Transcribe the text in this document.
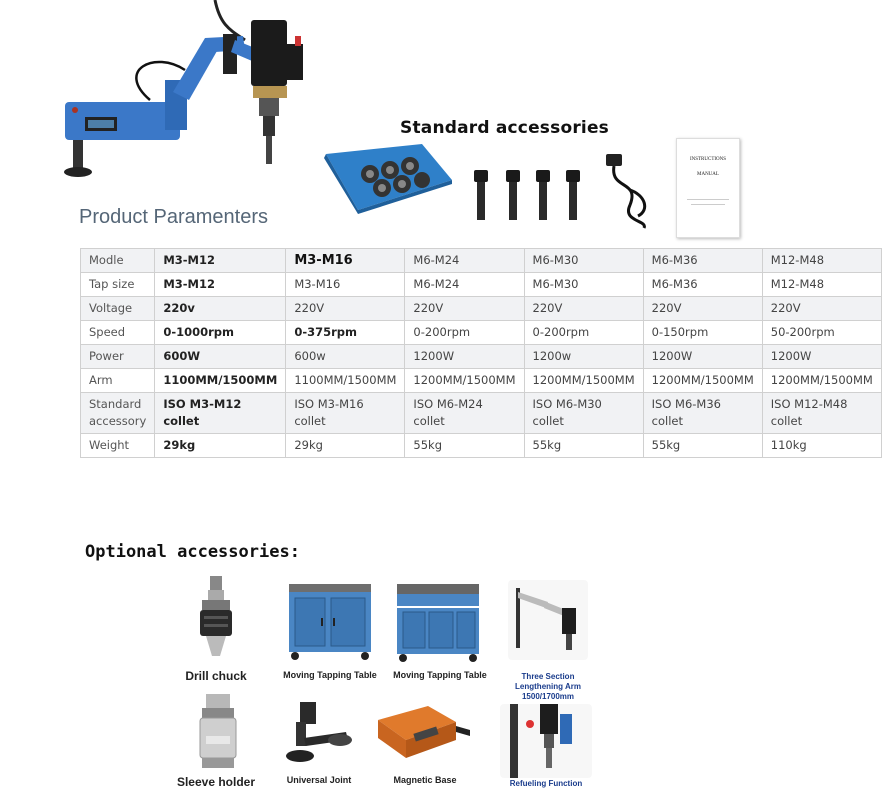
Standard accessories
INSTRUCTIONS
MANUAL
Product Paramenters
Modle	M3-M12	M3-M16	M6-M24	M6-M30	M6-M36	M12-M48
Tap size	M3-M12	M3-M16	M6-M24	M6-M30	M6-M36	M12-M48
Voltage	220v	220V	220V	220V	220V	220V
Speed	0-1000rpm	0-375rpm	0-200rpm	0-200rpm	0-150rpm	50-200rpm
Power	600W	600w	1200W	1200w	1200W	1200W
Arm	1100MM/1500MM	1100MM/1500MM	1200MM/1500MM	1200MM/1500MM	1200MM/1500MM	1200MM/1500MM
Standard accessory	ISO M3-M12 collet	ISO M3-M16 collet	ISO M6-M24 collet	ISO M6-M30 collet	ISO M6-M36 collet	ISO M12-M48 collet
Weight	29kg	29kg	55kg	55kg	55kg	110kg
Optional accessories:
Drill chuck	Moving Tapping Table	Moving Tapping Table	Three Section
Lengthening Arm
1500/1700mm
Sleeve holder	Universal Joint	Magnetic Base	Refueling Function
